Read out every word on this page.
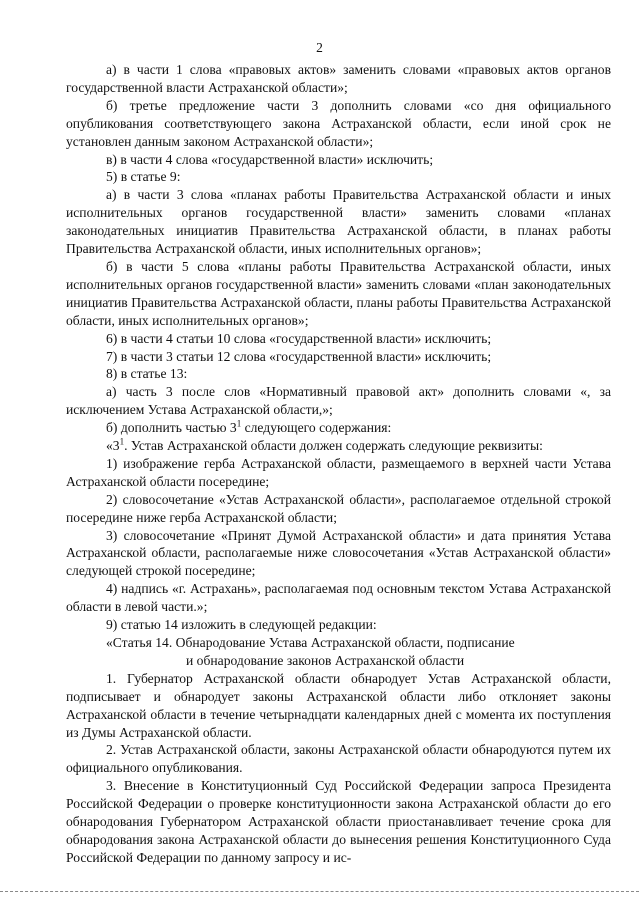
2

а) в части 1 слова «правовых актов» заменить словами «правовых актов органов государственной власти Астраханской области»;

б) третье предложение части 3 дополнить словами «со дня официального опубликования соответствующего закона Астраханской области, если иной срок не установлен данным законом Астраханской области»;

в) в части 4 слова «государственной власти» исключить;

5) в статье 9:

а) в части 3 слова «планах работы Правительства Астраханской области и иных исполнительных органов государственной власти» заменить словами «планах законодательных инициатив Правительства Астраханской области, в планах работы Правительства Астраханской области, иных исполнительных органов»;

б) в части 5 слова «планы работы Правительства Астраханской области, иных исполнительных органов государственной власти» заменить словами «план законодательных инициатив Правительства Астраханской области, планы работы Правительства Астраханской области, иных исполнительных органов»;

6) в части 4 статьи 10 слова «государственной власти» исключить;

7) в части 3 статьи 12 слова «государственной власти» исключить;

8) в статье 13:

а) часть 3 после слов «Нормативный правовой акт» дополнить словами «, за исключением Устава Астраханской области,»;

б) дополнить частью $3^1$ следующего содержания:

«$3^1$. Устав Астраханской области должен содержать следующие реквизиты:

1) изображение герба Астраханской области, размещаемого в верхней части Устава Астраханской области посередине;

2) словосочетание «Устав Астраханской области», располагаемое отдельной строкой посередине ниже герба Астраханской области;

3) словосочетание «Принят Думой Астраханской области» и дата принятия Устава Астраханской области, располагаемые ниже словосочетания «Устав Астраханской области» следующей строкой посередине;

4) надпись «г. Астрахань», располагаемая под основным текстом Устава Астраханской области в левой части.»;

9) статью 14 изложить в следующей редакции:

«Статья 14. Обнародование Устава Астраханской области, подписание
и обнародование законов Астраханской области

1. Губернатор Астраханской области обнародует Устав Астраханской области, подписывает и обнародует законы Астраханской области либо отклоняет законы Астраханской области в течение четырнадцати календарных дней с момента их поступления из Думы Астраханской области.

2. Устав Астраханской области, законы Астраханской области обнародуются путем их официального опубликования.

3. Внесение в Конституционный Суд Российской Федерации запроса Президента Российской Федерации о проверке конституционности закона Астраханской области до его обнародования Губернатором Астраханской области приостанавливает течение срока для обнародования закона Астраханской области до вынесения решения Конституционного Суда Российской Федерации по данному запросу и ис-
